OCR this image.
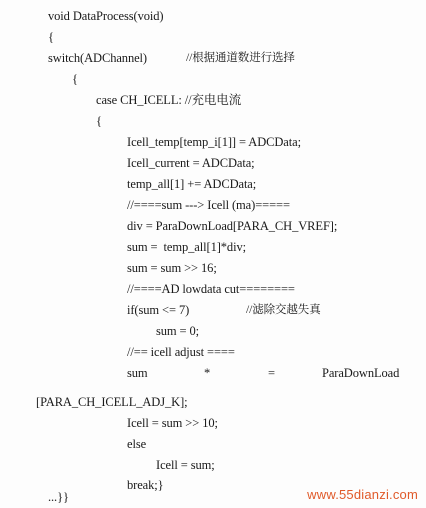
void DataProcess(void)
{
switch(ADChannel)	//根据通道数进行选择
{
case CH_ICELL: //充电电流
{
Icell_temp[temp_i[1]] = ADCData;
Icell_current = ADCData;
temp_all[1] += ADCData;
//====sum ---> Icell (ma)=====
div = ParaDownLoad[PARA_CH_VREF];
sum =  temp_all[1]*div;
sum = sum >> 16;
//====AD lowdata cut========
if(sum <= 7)	//滤除交越失真
sum = 0;
//== icell adjust ====
sum	*	=	ParaDownLoad
[PARA_CH_ICELL_ADJ_K];
Icell = sum >> 10;
else
Icell = sum;
break;}
...}}	www.55dianzi.com
